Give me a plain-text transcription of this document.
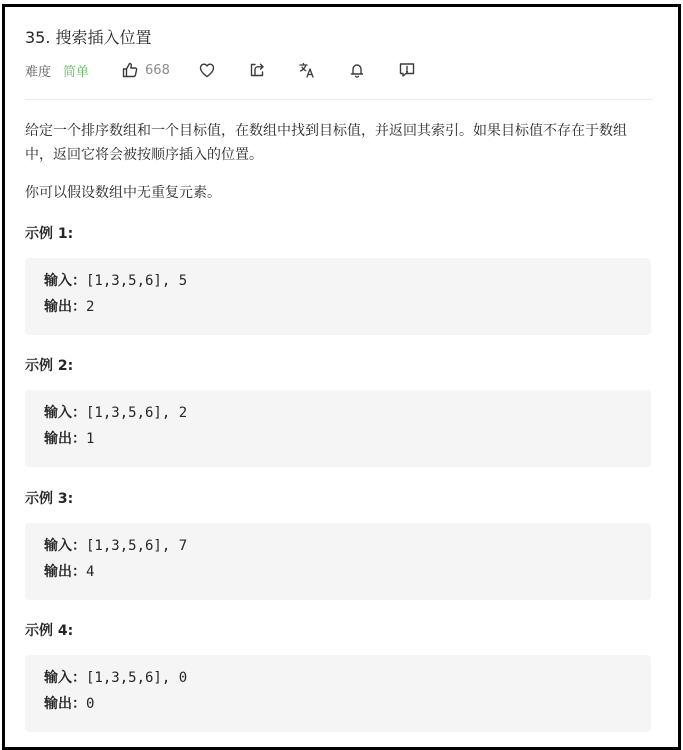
35. 搜索插入位置
难度 简单	668

给定一个排序数组和一个目标值，在数组中找到目标值，并返回其索引。如果目标值不存在于数组中，返回它将会被按顺序插入的位置。

你可以假设数组中无重复元素。

示例 1:
输入：[1,3,5,6], 5
输出：2
示例 2:
输入：[1,3,5,6], 2
输出：1
示例 3:
输入：[1,3,5,6], 7
输出：4
示例 4:
输入：[1,3,5,6], 0
输出：0
